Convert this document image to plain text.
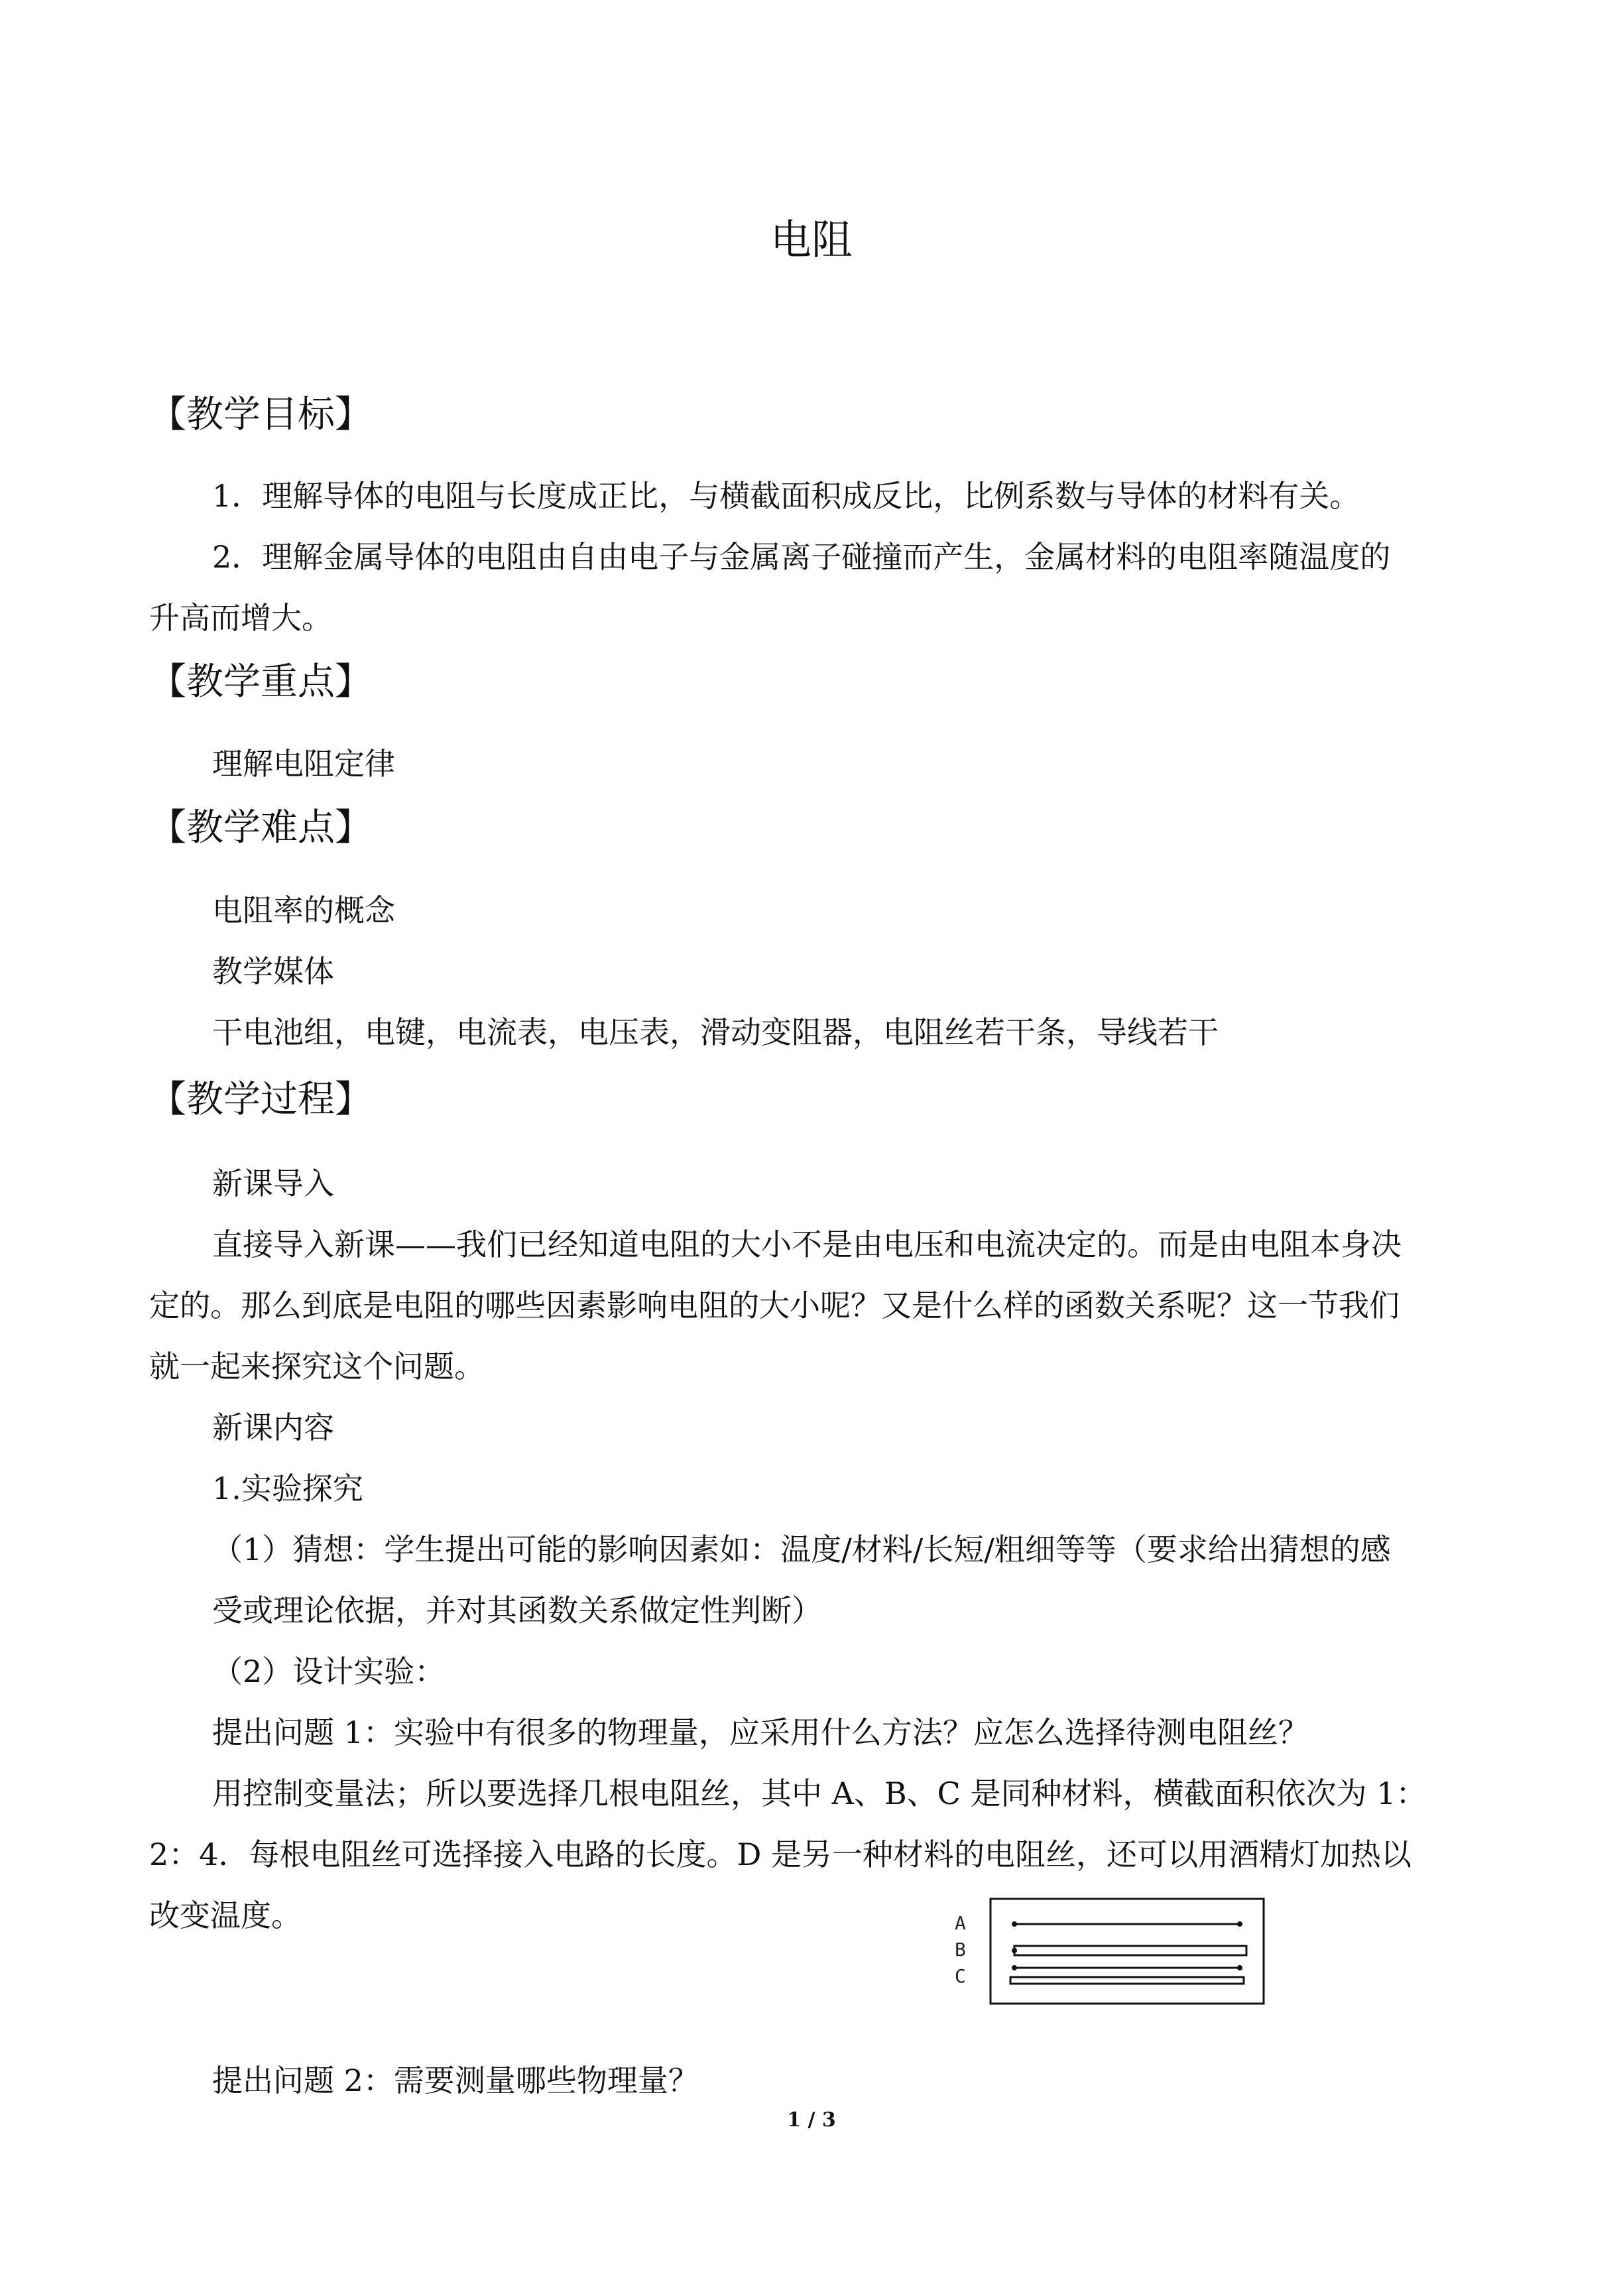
电阻
【教学目标】
1．理解导体的电阻与长度成正比，与横截面积成反比，比例系数与导体的材料有关。
2．理解金属导体的电阻由自由电子与金属离子碰撞而产生，金属材料的电阻率随温度的
升高而增大。
【教学重点】
理解电阻定律
【教学难点】
电阻率的概念
教学媒体
干电池组，电键，电流表，电压表，滑动变阻器，电阻丝若干条，导线若干
【教学过程】
新课导入
直接导入新课——我们已经知道电阻的大小不是由电压和电流决定的。而是由电阻本身决
定的。那么到底是电阻的哪些因素影响电阻的大小呢？又是什么样的函数关系呢？这一节我们
就一起来探究这个问题。
新课内容
1.实验探究
（1）猜想：学生提出可能的影响因素如：温度/材料/长短/粗细等等（要求给出猜想的感
受或理论依据，并对其函数关系做定性判断）
（2）设计实验：
提出问题 1：实验中有很多的物理量，应采用什么方法？应怎么选择待测电阻丝？
用控制变量法；所以要选择几根电阻丝，其中 A、B、C 是同种材料，横截面积依次为 1：
2：4．每根电阻丝可选择接入电路的长度。D 是另一种材料的电阻丝，还可以用酒精灯加热以
改变温度。	A
B
C
提出问题 2：需要测量哪些物理量？
1 / 3
